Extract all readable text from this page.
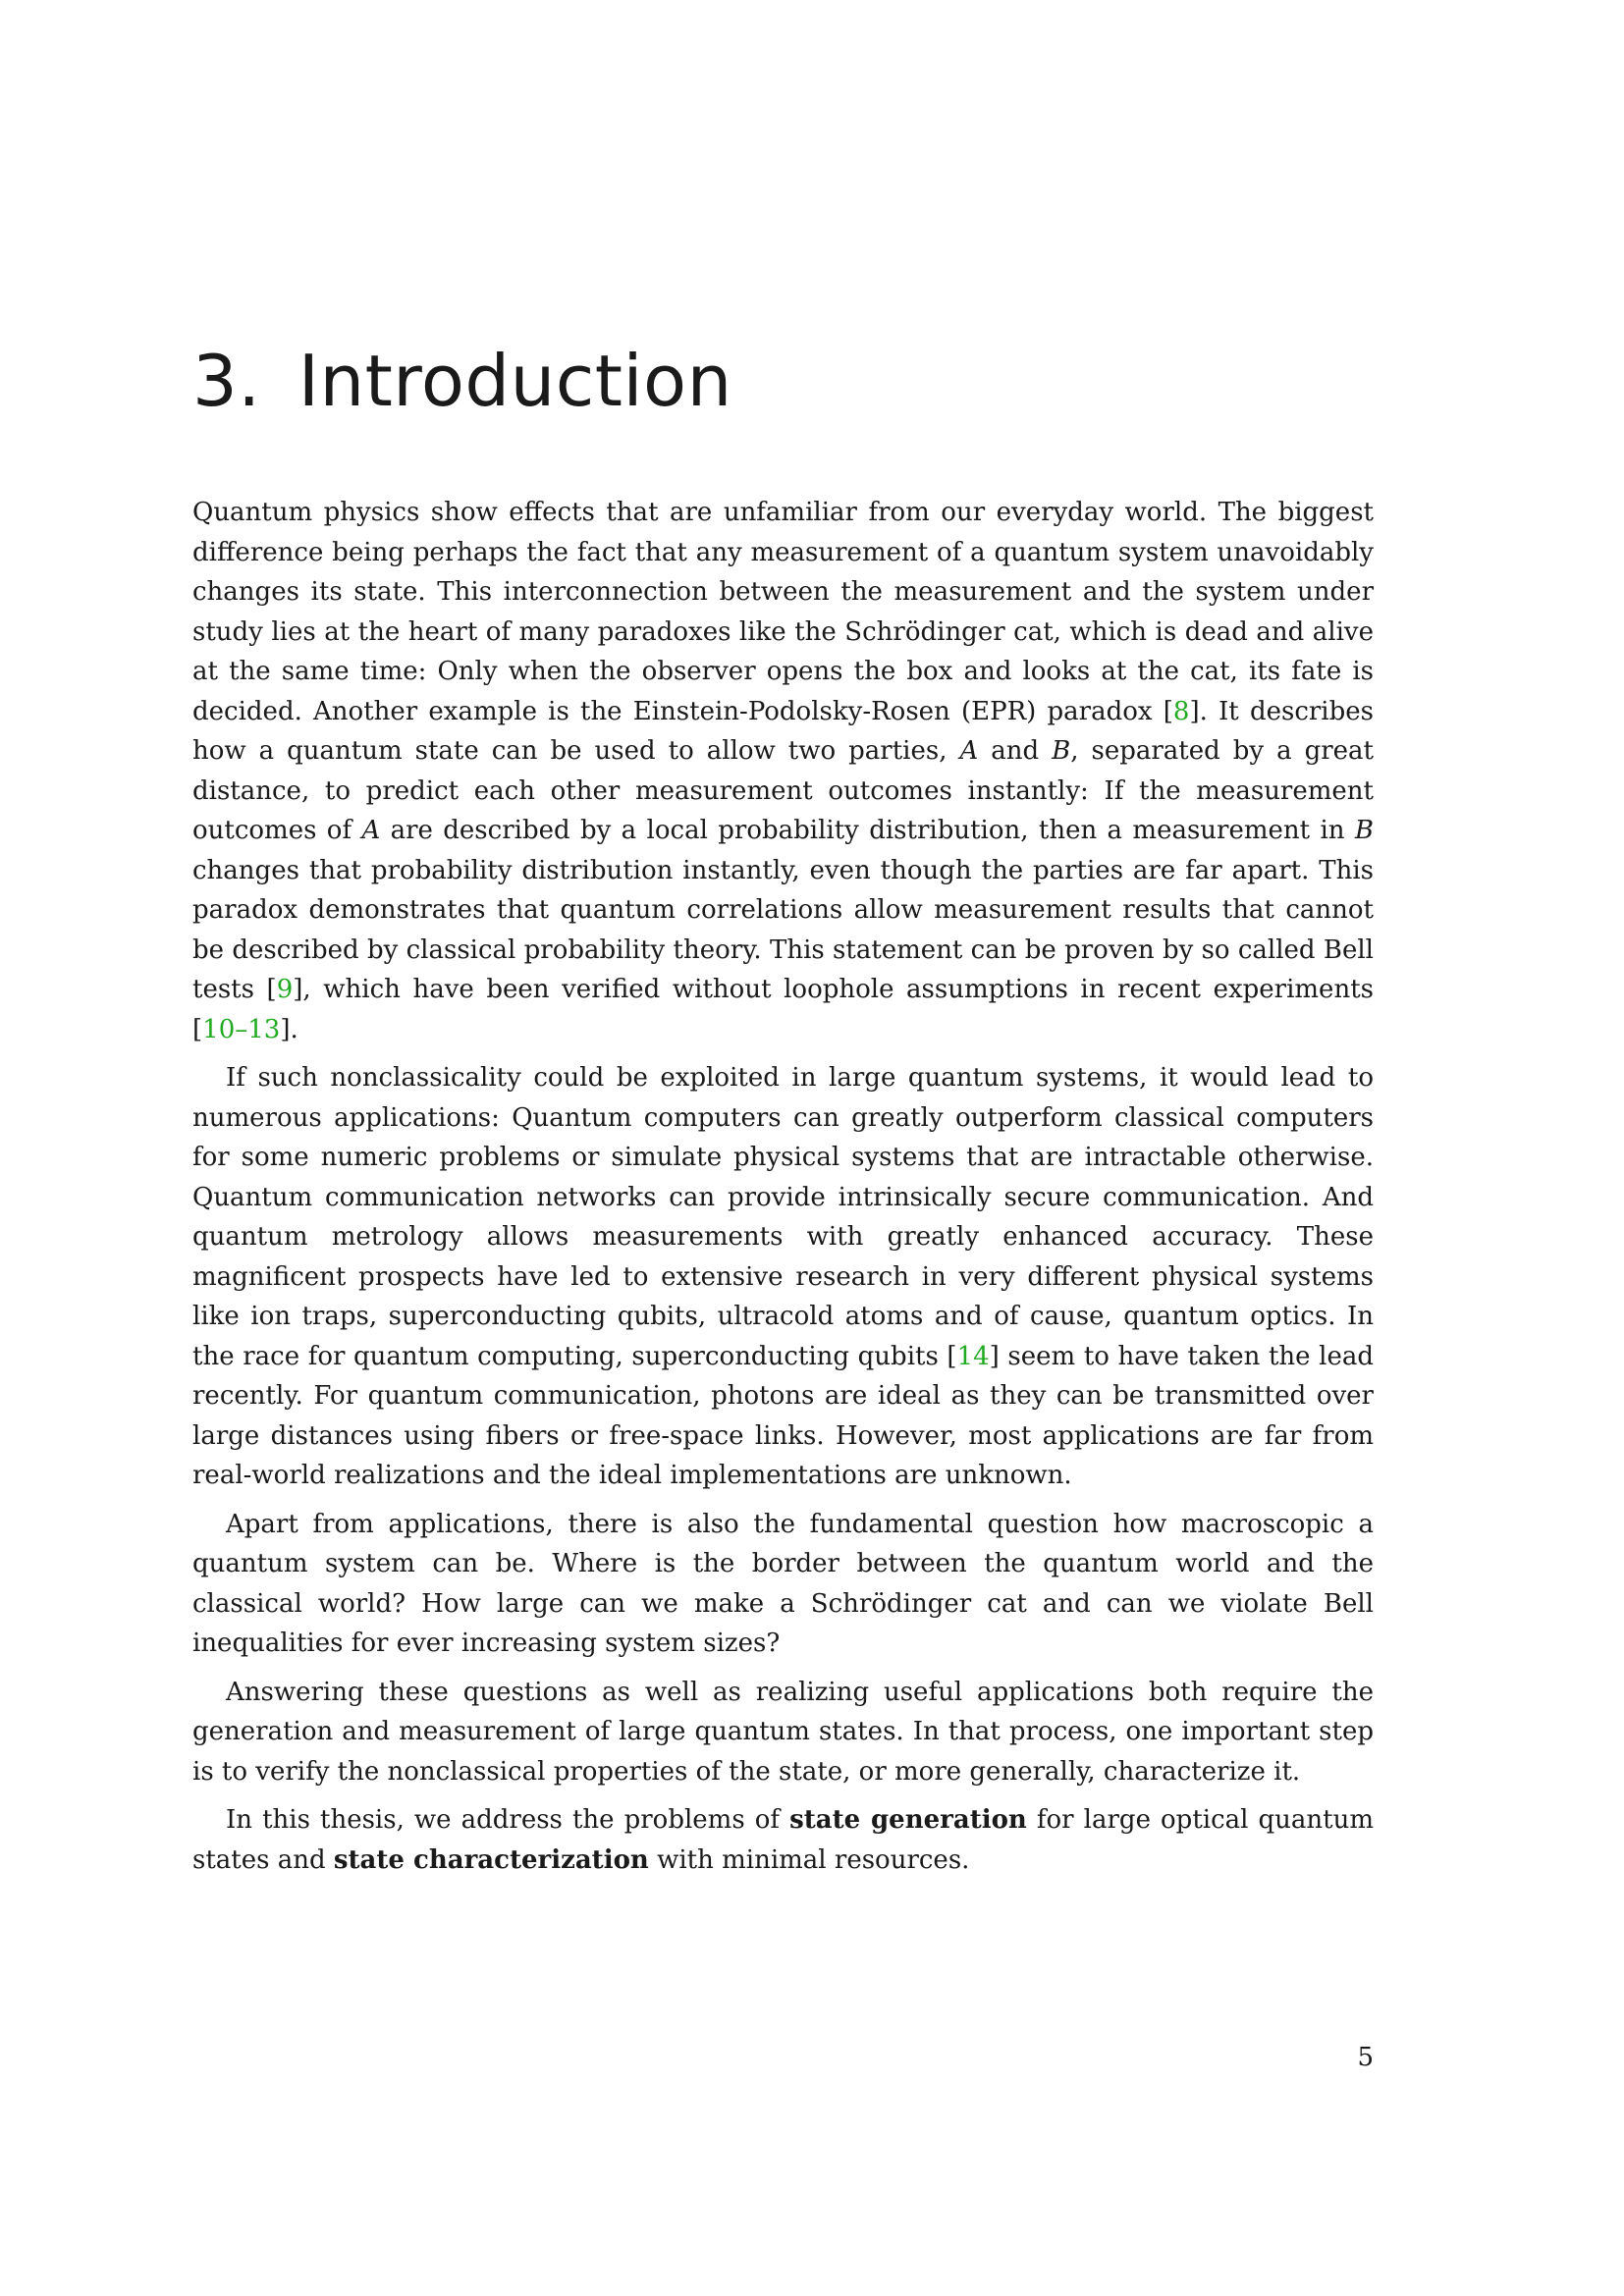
3. Introduction

Quantum physics show effects that are unfamiliar from our everyday world. The biggest difference being perhaps the fact that any measurement of a quantum system unavoidably changes its state. This interconnection between the measurement and the system under study lies at the heart of many paradoxes like the Schrödinger cat, which is dead and alive at the same time: Only when the observer opens the box and looks at the cat, its fate is decided. Another example is the Einstein-Podolsky-Rosen (EPR) paradox [8]. It describes how a quantum state can be used to allow two parties, A and B, separated by a great distance, to predict each other measurement outcomes instantly: If the measurement outcomes of A are described by a local probability distribution, then a measurement in B changes that probability distribution instantly, even though the parties are far apart. This paradox demonstrates that quantum correlations allow measurement results that cannot be described by classical probability theory. This statement can be proven by so called Bell tests [9], which have been verified without loophole assumptions in recent experiments [10–13].

If such nonclassicality could be exploited in large quantum systems, it would lead to numerous applications: Quantum computers can greatly outperform classical computers for some numeric problems or simulate physical systems that are intractable otherwise. Quantum communication networks can provide intrinsically secure communication. And quantum metrology allows measurements with greatly enhanced accuracy. These magnificent prospects have led to extensive research in very different physical systems like ion traps, superconducting qubits, ultracold atoms and of cause, quantum optics. In the race for quantum computing, superconducting qubits [14] seem to have taken the lead recently. For quantum communication, photons are ideal as they can be transmitted over large distances using fibers or free-space links. However, most applications are far from real-world realizations and the ideal implementations are unknown.

Apart from applications, there is also the fundamental question how macroscopic a quantum system can be. Where is the border between the quantum world and the classical world? How large can we make a Schrödinger cat and can we violate Bell inequalities for ever increasing system sizes?

Answering these questions as well as realizing useful applications both require the generation and measurement of large quantum states. In that process, one important step is to verify the nonclassical properties of the state, or more generally, characterize it.

In this thesis, we address the problems of state generation for large optical quantum states and state characterization with minimal resources.

5
